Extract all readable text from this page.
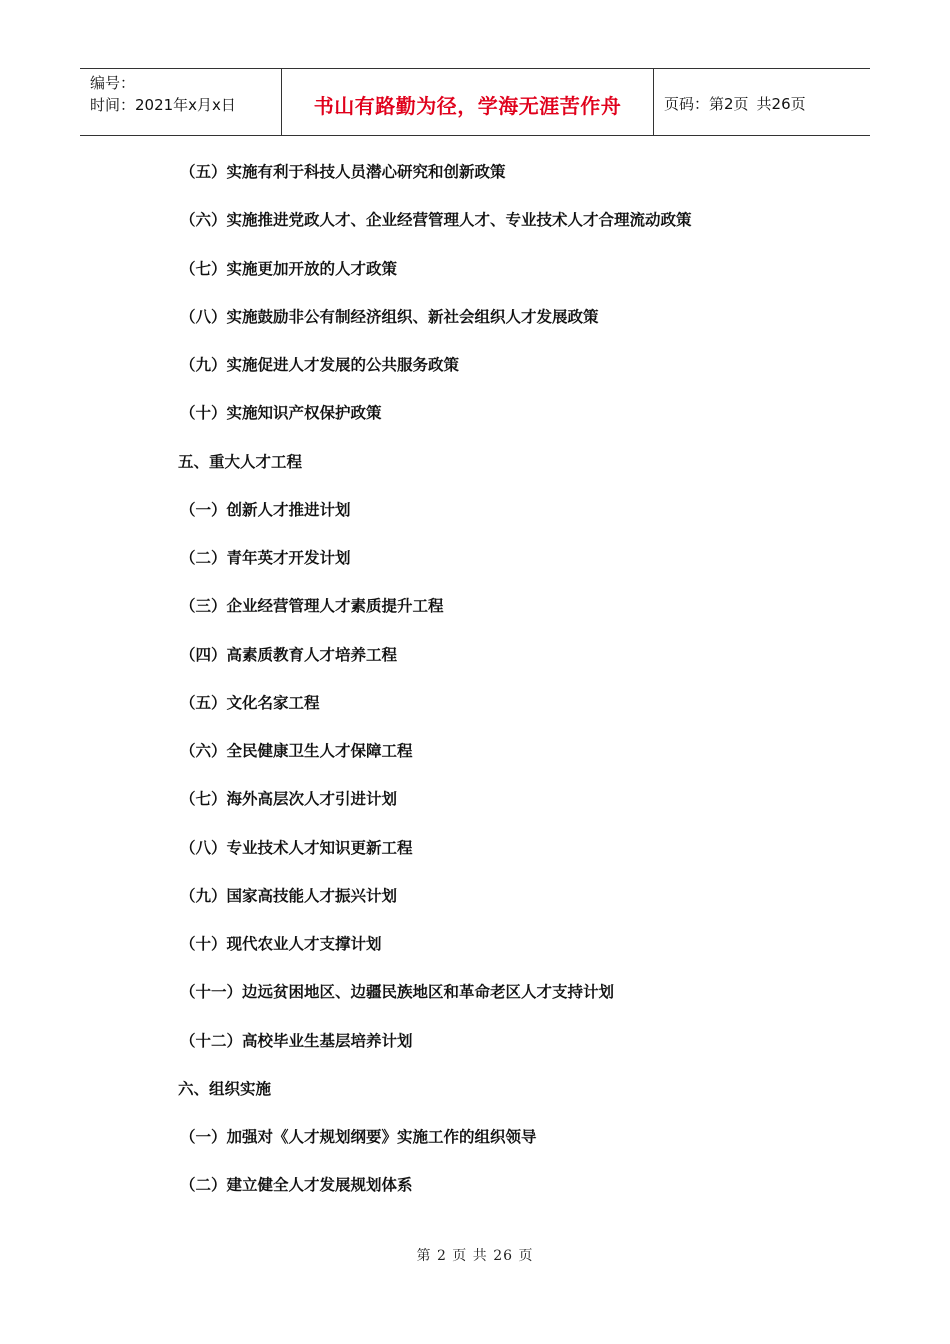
编号：
时间：2021年x月x日	书山有路勤为径，学海无涯苦作舟	页码：第2页 共26页
（五）实施有利于科技人员潜心研究和创新政策
（六）实施推进党政人才、企业经营管理人才、专业技术人才合理流动政策
（七）实施更加开放的人才政策
（八）实施鼓励非公有制经济组织、新社会组织人才发展政策
（九）实施促进人才发展的公共服务政策
（十）实施知识产权保护政策
五、重大人才工程
（一）创新人才推进计划
（二）青年英才开发计划
（三）企业经营管理人才素质提升工程
（四）高素质教育人才培养工程
（五）文化名家工程
（六）全民健康卫生人才保障工程
（七）海外高层次人才引进计划
（八）专业技术人才知识更新工程
（九）国家高技能人才振兴计划
（十）现代农业人才支撑计划
（十一）边远贫困地区、边疆民族地区和革命老区人才支持计划
（十二）高校毕业生基层培养计划
六、组织实施
（一）加强对《人才规划纲要》实施工作的组织领导
（二）建立健全人才发展规划体系
第 2 页 共 26 页
